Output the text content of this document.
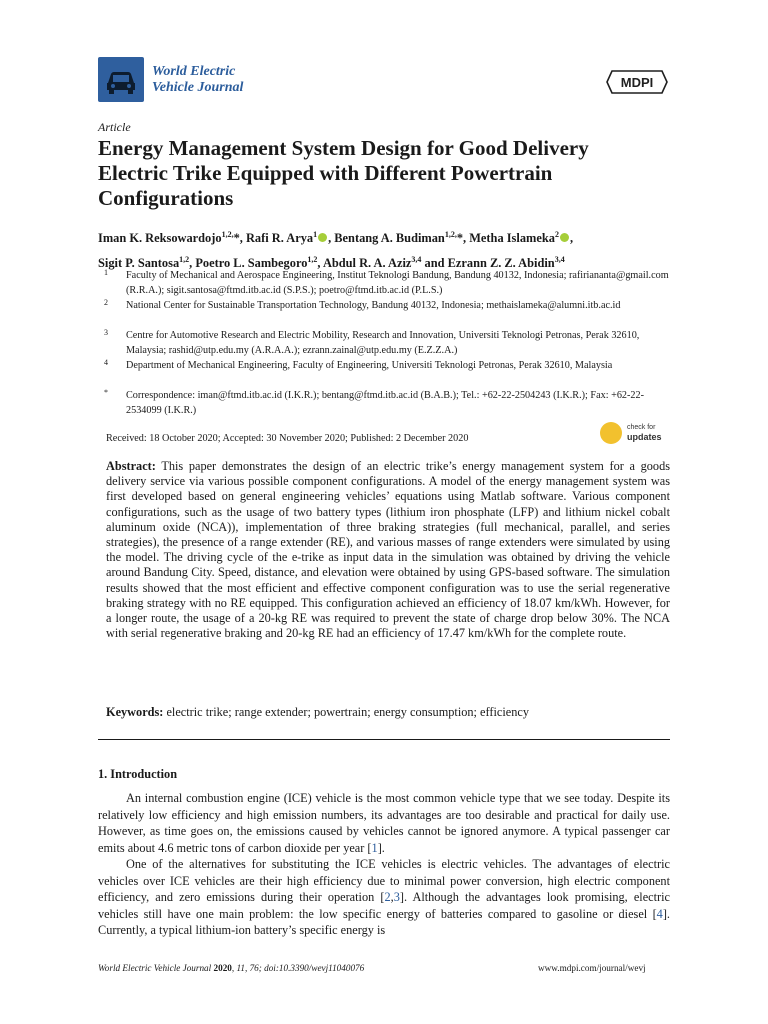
World Electric
Vehicle Journal	MDPI
Article
Energy Management System Design for Good Delivery Electric Trike Equipped with Different Powertrain Configurations
Iman K. Reksowardojo$^{1,2,}$*, Rafi R. Arya$^1$ , Bentang A. Budiman$^{1,2,}$*, Metha Islameka$^2$ ,
Sigit P. Santosa$^{1,2}$, Poetro L. Sambegoro$^{1,2}$, Abdul R. A. Aziz$^{3,4}$ and Ezrann Z. Z. Abidin$^{3,4}$
1 Faculty of Mechanical and Aerospace Engineering, Institut Teknologi Bandung, Bandung 40132, Indonesia; rafiriananta@gmail.com (R.R.A.); sigit.santosa@ftmd.itb.ac.id (S.P.S.); poetro@ftmd.itb.ac.id (P.L.S.)
2 National Center for Sustainable Transportation Technology, Bandung 40132, Indonesia; methaislameka@alumni.itb.ac.id
3 Centre for Automotive Research and Electric Mobility, Research and Innovation, Universiti Teknologi Petronas, Perak 32610, Malaysia; rashid@utp.edu.my (A.R.A.A.); ezrann.zainal@utp.edu.my (E.Z.Z.A.)
4 Department of Mechanical Engineering, Faculty of Engineering, Universiti Teknologi Petronas, Perak 32610, Malaysia
* Correspondence: iman@ftmd.itb.ac.id (I.K.R.); bentang@ftmd.itb.ac.id (B.A.B.); Tel.: +62-22-2504243 (I.K.R.); Fax: +62-22-2534099 (I.K.R.)
Received: 18 October 2020; Accepted: 30 November 2020; Published: 2 December 2020
check for
updates
Abstract: This paper demonstrates the design of an electric trike’s energy management system for a goods delivery service via various possible component configurations. A model of the energy management system was first developed based on general engineering vehicles’ equations using Matlab software. Various component configurations, such as the usage of two battery types (lithium iron phosphate (LFP) and lithium nickel cobalt aluminum oxide (NCA)), implementation of three braking strategies (full mechanical, parallel, and series strategies), the presence of a range extender (RE), and various masses of range extenders were simulated by using the model. The driving cycle of the e-trike as input data in the simulation was obtained by driving the vehicle around Bandung City. Speed, distance, and elevation were obtained by using GPS-based software. The simulation results showed that the most efficient and effective component configuration was to use the serial regenerative braking strategy with no RE equipped. This configuration achieved an efficiency of 18.07 km/kWh. However, for a longer route, the usage of a 20-kg RE was required to prevent the state of charge drop below 30%. The NCA with serial regenerative braking and 20-kg RE had an efficiency of 17.47 km/kWh for the complete route.
Keywords: electric trike; range extender; powertrain; energy consumption; efficiency
1. Introduction

An internal combustion engine (ICE) vehicle is the most common vehicle type that we see today. Despite its relatively low efficiency and high emission numbers, its advantages are too desirable and practical for daily use. However, as time goes on, the emissions caused by vehicles cannot be ignored anymore. A typical passenger car emits about 4.6 metric tons of carbon dioxide per year [1].

One of the alternatives for substituting the ICE vehicles is electric vehicles. The advantages of electric vehicles over ICE vehicles are their high efficiency due to minimal power conversion, high electric component efficiency, and zero emissions during their operation [2,3]. Although the advantages look promising, electric vehicles still have one main problem: the low specific energy of batteries compared to gasoline or diesel [4]. Currently, a typical lithium-ion battery’s specific energy is

World Electric Vehicle Journal 2020, 11, 76; doi:10.3390/wevj11040076	www.mdpi.com/journal/wevj
